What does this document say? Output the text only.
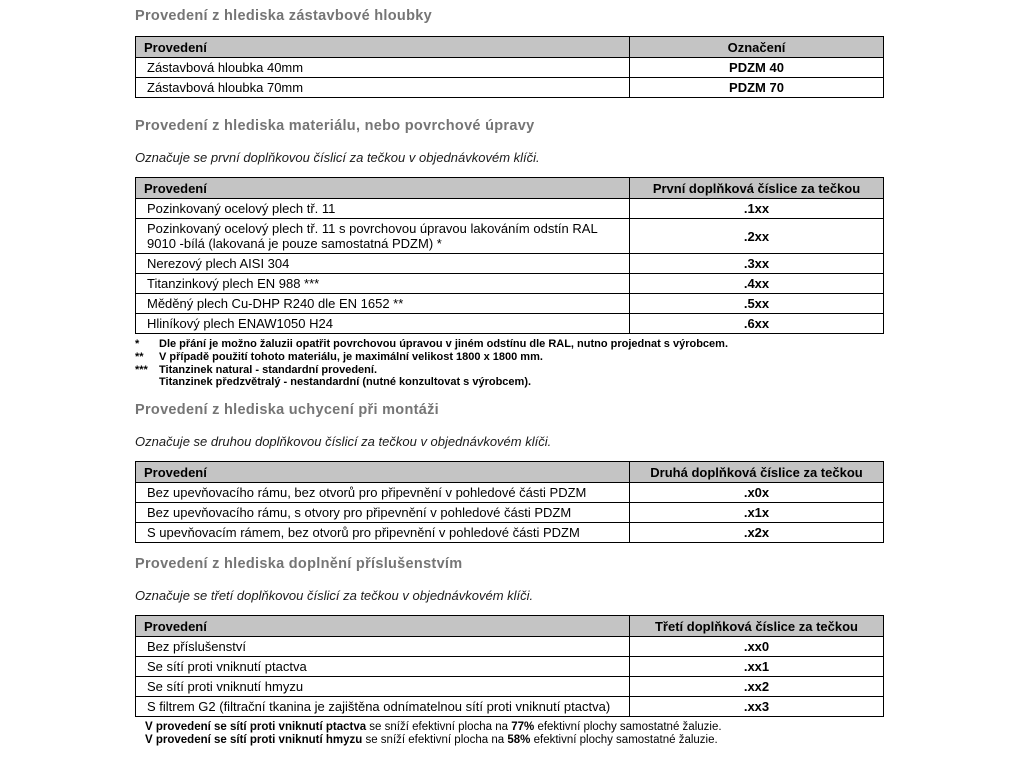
Provedení z hlediska zástavbové hloubky
Provedení	Označení
Zástavbová hloubka 40mm	PDZM 40
Zástavbová hloubka 70mm	PDZM 70
Provedení z hlediska materiálu, nebo povrchové úpravy

Označuje se první doplňkovou číslicí za tečkou v objednávkovém klíči.

Provedení	První doplňková číslice za tečkou
Pozinkovaný ocelový plech tř. 11	.1xx
Pozinkovaný ocelový plech tř. 11 s povrchovou úpravou lakováním odstín RAL 9010 -bílá (lakovaná je pouze samostatná PDZM) *	.2xx
Nerezový plech AISI 304	.3xx
Titanzinkový plech EN 988 ***	.4xx
Měděný plech Cu-DHP R240 dle EN 1652 **	.5xx
Hliníkový plech ENAW1050 H24	.6xx
*	Dle přání je možno žaluzii opatřit povrchovou úpravou v jiném odstínu dle RAL, nutno projednat s výrobcem.
**	V případě použití tohoto materiálu, je maximální velikost 1800 x 1800 mm.
***	Titanzinek natural - standardní provedení.
Titanzinek předzvětralý - nestandardní (nutné konzultovat s výrobcem).
Provedení z hlediska uchycení při montáži

Označuje se druhou doplňkovou číslicí za tečkou v objednávkovém klíči.

Provedení	Druhá doplňková číslice za tečkou
Bez upevňovacího rámu, bez otvorů pro připevnění v pohledové části PDZM	.x0x
Bez upevňovacího rámu, s otvory pro připevnění v pohledové části PDZM	.x1x
S upevňovacím rámem, bez otvorů pro připevnění v pohledové části PDZM	.x2x
Provedení z hlediska doplnění příslušenstvím

Označuje se třetí doplňkovou číslicí za tečkou v objednávkovém klíči.

Provedení	Třetí doplňková číslice za tečkou
Bez příslušenství	.xx0
Se sítí proti vniknutí ptactva	.xx1
Se sítí proti vniknutí hmyzu	.xx2
S filtrem G2 (filtrační tkanina je zajištěna odnímatelnou sítí proti vniknutí ptactva)	.xx3
V provedení se sítí proti vniknutí ptactva se sníží efektivní plocha na 77% efektivní plochy samostatné žaluzie.
V provedení se sítí proti vniknutí hmyzu se sníží efektivní plocha na 58% efektivní plochy samostatné žaluzie.
